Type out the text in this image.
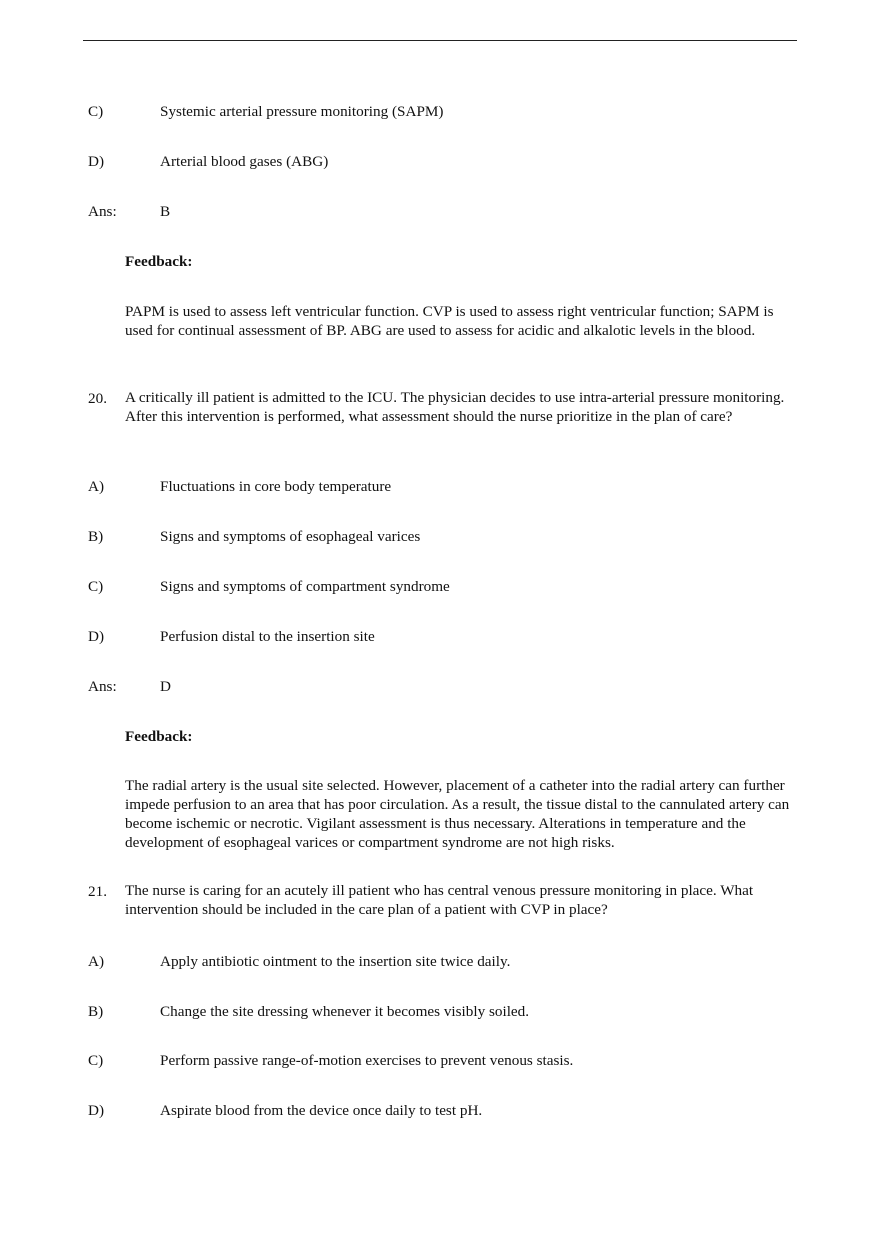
C)	Systemic arterial pressure monitoring (SAPM)
D)	Arterial blood gases (ABG)
Ans:	B
Feedback:
PAPM is used to assess left ventricular function. CVP is used to assess right ventricular function; SAPM is used for continual assessment of BP. ABG are used to assess for acidic and alkalotic levels in the blood.
20. A critically ill patient is admitted to the ICU. The physician decides to use intra-arterial pressure monitoring. After this intervention is performed, what assessment should the nurse prioritize in the plan of care?
A)	Fluctuations in core body temperature
B)	Signs and symptoms of esophageal varices
C)	Signs and symptoms of compartment syndrome
D)	Perfusion distal to the insertion site
Ans:	D
Feedback:
The radial artery is the usual site selected. However, placement of a catheter into the radial artery can further impede perfusion to an area that has poor circulation. As a result, the tissue distal to the cannulated artery can become ischemic or necrotic. Vigilant assessment is thus necessary. Alterations in temperature and the development of esophageal varices or compartment syndrome are not high risks.
21. The nurse is caring for an acutely ill patient who has central venous pressure monitoring in place. What intervention should be included in the care plan of a patient with CVP in place?
A)	Apply antibiotic ointment to the insertion site twice daily.
B)	Change the site dressing whenever it becomes visibly soiled.
C)	Perform passive range-of-motion exercises to prevent venous stasis.
D)	Aspirate blood from the device once daily to test pH.
